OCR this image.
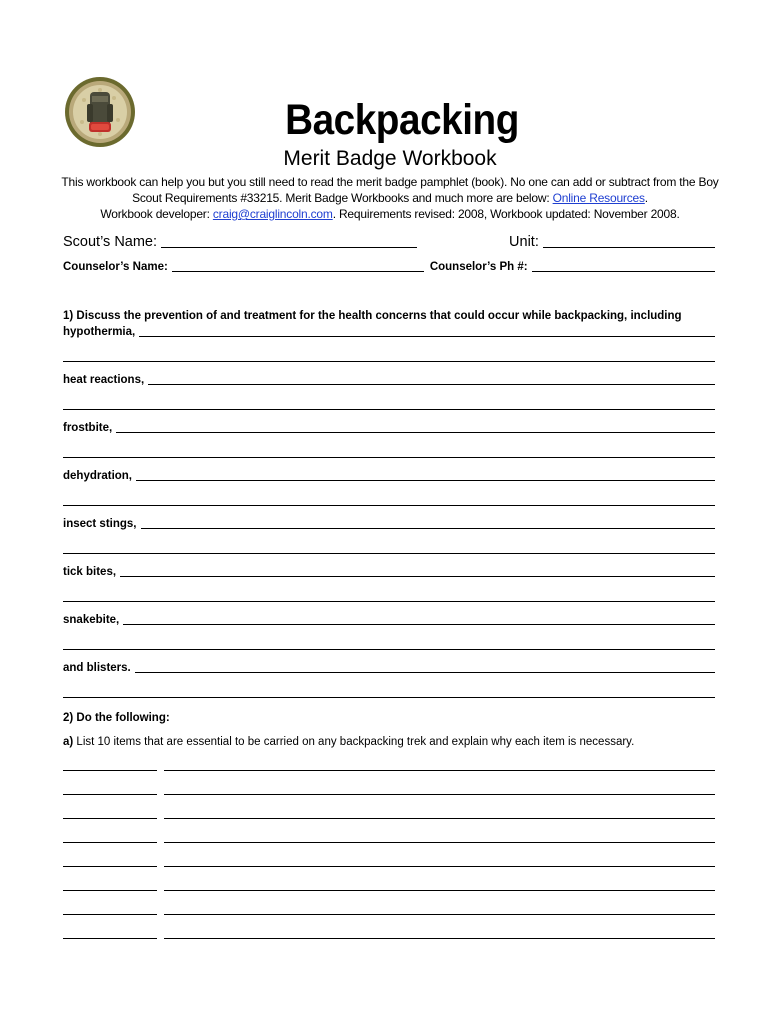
Backpacking
Merit Badge Workbook
This workbook can help you but you still need to read the merit badge pamphlet (book). No one can add or subtract from the Boy
Scout Requirements #33215. Merit Badge Workbooks and much more are below: Online Resources.
Workbook developer: craig@craiglincoln.com. Requirements revised: 2008, Workbook updated: November 2008.
Scout’s Name:	Unit:
Counselor’s Name:	Counselor’s Ph #:
1) Discuss the prevention of and treatment for the health concerns that could occur while backpacking, including
hypothermia,
heat reactions,
frostbite,
dehydration,
insect stings,
tick bites,
snakebite,
and blisters.
2) Do the following:
a) List 10 items that are essential to be carried on any backpacking trek and explain why each item is necessary.
